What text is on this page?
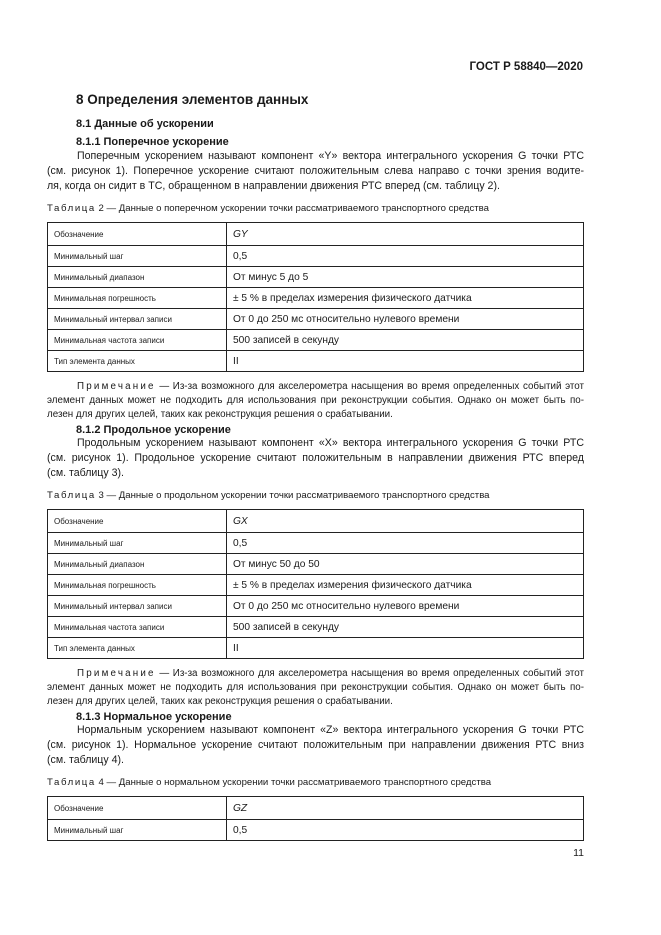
ГОСТ Р 58840—2020
8 Определения элементов данных
8.1 Данные об ускорении
8.1.1 Поперечное ускорение
Поперечным ускорением называют компонент «Y» вектора интегрального ускорения G точки РТС
(см. рисунок 1). Поперечное ускорение считают положительным слева направо с точки зрения водите-
ля, когда он сидит в ТС, обращенном в направлении движения РТС вперед (см. таблицу 2).
Таблица 2 — Данные о поперечном ускорении точки рассматриваемого транспортного средства
Обозначение	GY
Минимальный шаг	0,5
Минимальный диапазон	От минус 5 до 5
Минимальная погрешность	± 5 % в пределах измерения физического датчика
Минимальный интервал записи	От 0 до 250 мс относительно нулевого времени
Минимальная частота записи	500 записей в секунду
Тип элемента данных	II
Примечание — Из-за возможного для акселерометра насыщения во время определенных событий этот
элемент данных может не подходить для использования при реконструкции события. Однако он может быть по-
лезен для других целей, таких как реконструкция решения о срабатывании.
8.1.2 Продольное ускорение
Продольным ускорением называют компонент «X» вектора интегрального ускорения G точки РТС
(см. рисунок 1). Продольное ускорение считают положительным в направлении движения РТС вперед
(см. таблицу 3).
Таблица 3 — Данные о продольном ускорении точки рассматриваемого транспортного средства
Обозначение	GX
Минимальный шаг	0,5
Минимальный диапазон	От минус 50 до 50
Минимальная погрешность	± 5 % в пределах измерения физического датчика
Минимальный интервал записи	От 0 до 250 мс относительно нулевого времени
Минимальная частота записи	500 записей в секунду
Тип элемента данных	II
Примечание — Из-за возможного для акселерометра насыщения во время определенных событий этот
элемент данных может не подходить для использования при реконструкции события. Однако он может быть по-
лезен для других целей, таких как реконструкция решения о срабатывании.
8.1.3 Нормальное ускорение
Нормальным ускорением называют компонент «Z» вектора интегрального ускорения G точки РТС
(см. рисунок 1). Нормальное ускорение считают положительным при направлении движения РТС вниз
(см. таблицу 4).
Таблица 4 — Данные о нормальном ускорении точки рассматриваемого транспортного средства
Обозначение	GZ
Минимальный шаг	0,5
11
